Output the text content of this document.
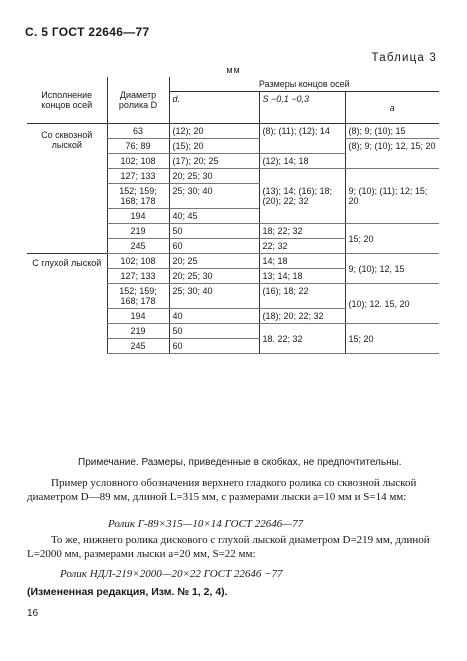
С. 5 ГОСТ 22646—77
Таблица 3
мм
Исполнение концов осей	Диаметр ролика D	Размеры концов осей		
		d.	S −0,1 −0,3	a
Со сквозной лыской	63	(12); 20	(8); (11); (12); 14	(8); 9; (10); 15
	76; 89	(15); 20		(8); 9; (10); 12, 15; 20
	102; 108	(17); 20; 25	(12); 14; 18	
	127; 133	20; 25; 30	(13); 14; (16); 18; (20); 22; 32	9; (10); (11); 12; 15; 20
	152; 159; 168; 178	25; 30; 40		
	194	40; 45		
	219	50	18; 22; 32	15; 20
	245	60	22; 32	
С глухой лыской	102; 108	20; 25	14; 18	9; (10); 12, 15
	127; 133	20; 25; 30	13; 14; 18	
	152; 159; 168; 178	25; 30; 40	(16); 18; 22	(10); 12. 15, 20
	194	40	(18); 20; 22; 32	
	219	50	18. 22; 32	15; 20
	245	60		
Примечание. Размеры, приведенные в скобках, не предпочтительны.
Пример условного обозначения верхнего гладкого ролика со сквозной лыской диаметром D—89 мм, длиной L=315 мм, с размерами лыски a=10 мм и S=14 мм:
Ролик Г-89×315—10×14 ГОСТ 22646—77
То же, нижнего ролика дискового с глухой лыской диаметром D=219 мм, длиной L=2000 мм, размерами лыски a=20 мм, S=22 мм:
Ролик НДЛ-219×2000—20×22 ГОСТ 22646 −77
(Измененная редакция, Изм. № 1, 2, 4).
16
